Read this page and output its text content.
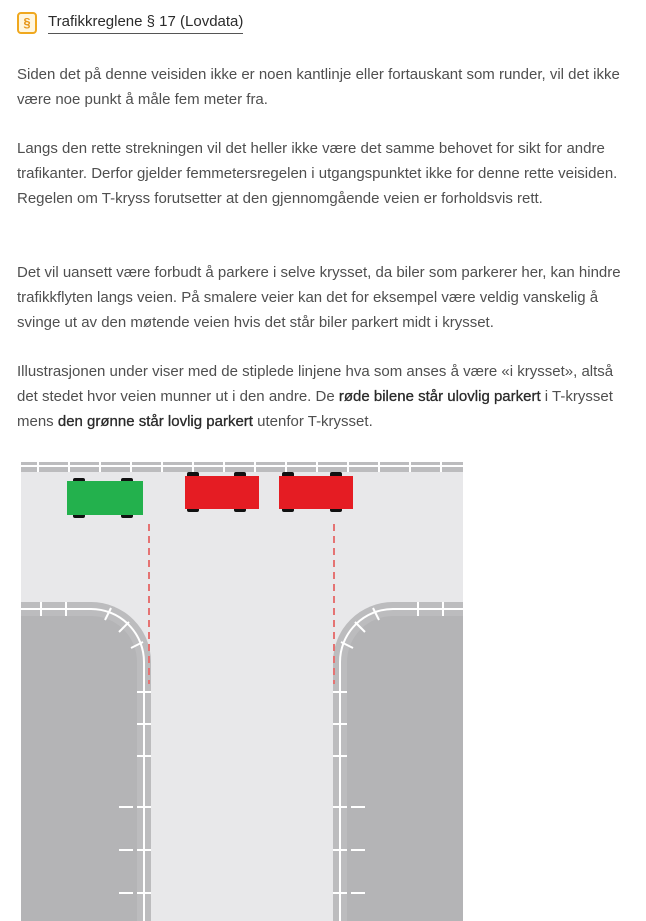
§	Trafikkreglene § 17 (Lovdata)

Siden det på denne veisiden ikke er noen kantlinje eller fortauskant som runder, vil det ikke være noe punkt å måle fem meter fra.

Langs den rette strekningen vil det heller ikke være det samme behovet for sikt for andre trafikanter. Derfor gjelder femmetersregelen i utgangspunktet ikke for denne rette veisiden. Regelen om T-kryss forutsetter at den gjennomgående veien er forholdsvis rett.

Det vil uansett være forbudt å parkere i selve krysset, da biler som parkerer her, kan hindre trafikkflyten langs veien. På smalere veier kan det for eksempel være veldig vanskelig å svinge ut av den møtende veien hvis det står biler parkert midt i krysset.

Illustrasjonen under viser med de stiplede linjene hva som anses å være «i krysset», altså det stedet hvor veien munner ut i den andre. De røde bilene står ulovlig parkert i T-krysset mens den grønne står lovlig parkert utenfor T-krysset.
